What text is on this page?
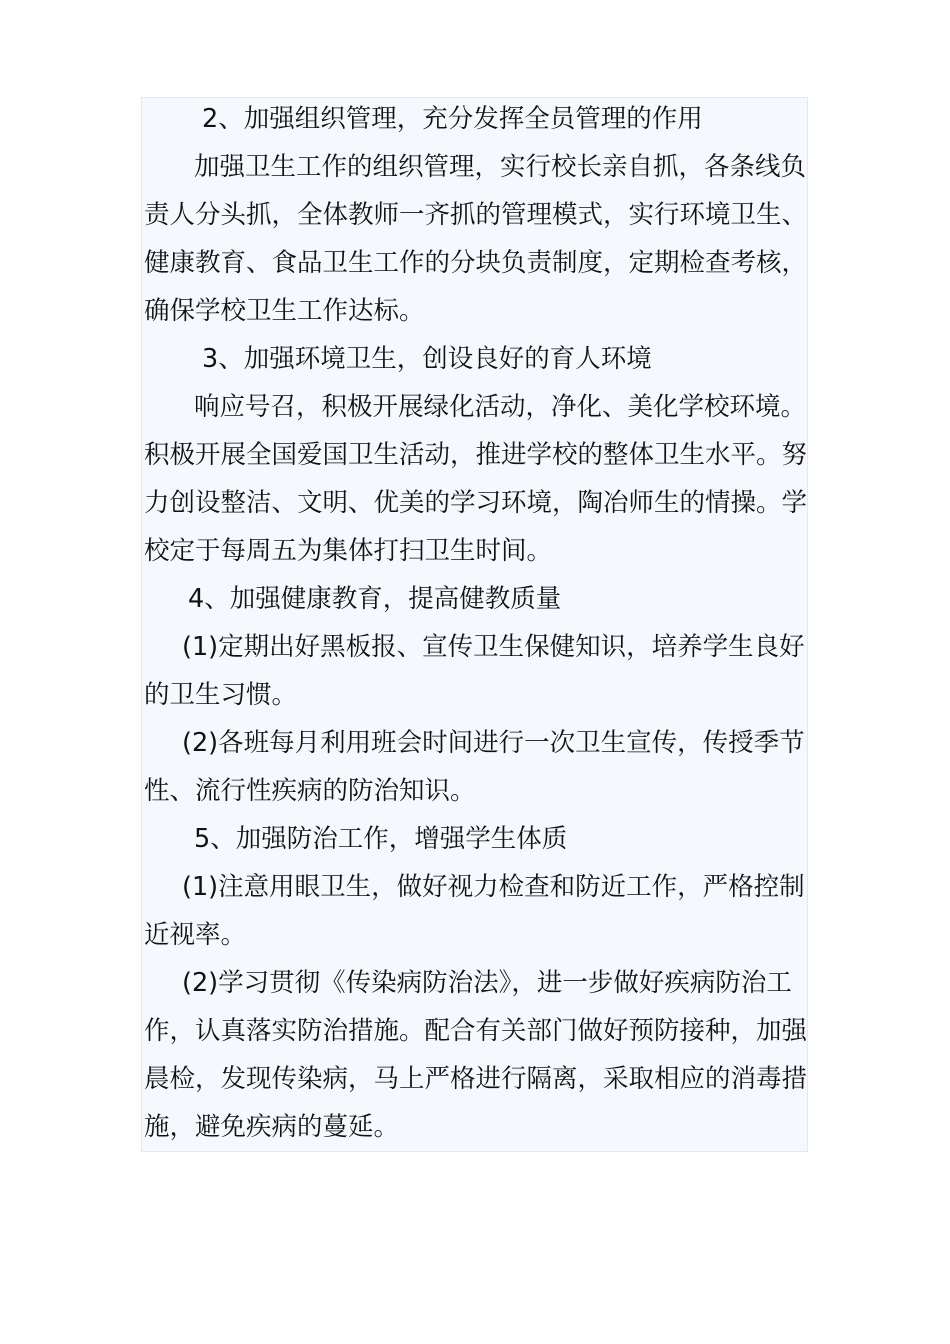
2、加强组织管理，充分发挥全员管理的作用
加强卫生工作的组织管理，实行校长亲自抓，各条线负
责人分头抓，全体教师一齐抓的管理模式，实行环境卫生、
健康教育、食品卫生工作的分块负责制度，定期检查考核，
确保学校卫生工作达标。
3、加强环境卫生，创设良好的育人环境
响应号召，积极开展绿化活动，净化、美化学校环境。
积极开展全国爱国卫生活动，推进学校的整体卫生水平。努
力创设整洁、文明、优美的学习环境，陶冶师生的情操。学
校定于每周五为集体打扫卫生时间。
4、加强健康教育，提高健教质量
(1)定期出好黑板报、宣传卫生保健知识，培养学生良好
的卫生习惯。
(2)各班每月利用班会时间进行一次卫生宣传，传授季节
性、流行性疾病的防治知识。
5、加强防治工作，增强学生体质
(1)注意用眼卫生，做好视力检查和防近工作，严格控制
近视率。
(2)学习贯彻《传染病防治法》，进一步做好疾病防治工
作，认真落实防治措施。配合有关部门做好预防接种，加强
晨检，发现传染病，马上严格进行隔离，采取相应的消毒措
施，避免疾病的蔓延。
